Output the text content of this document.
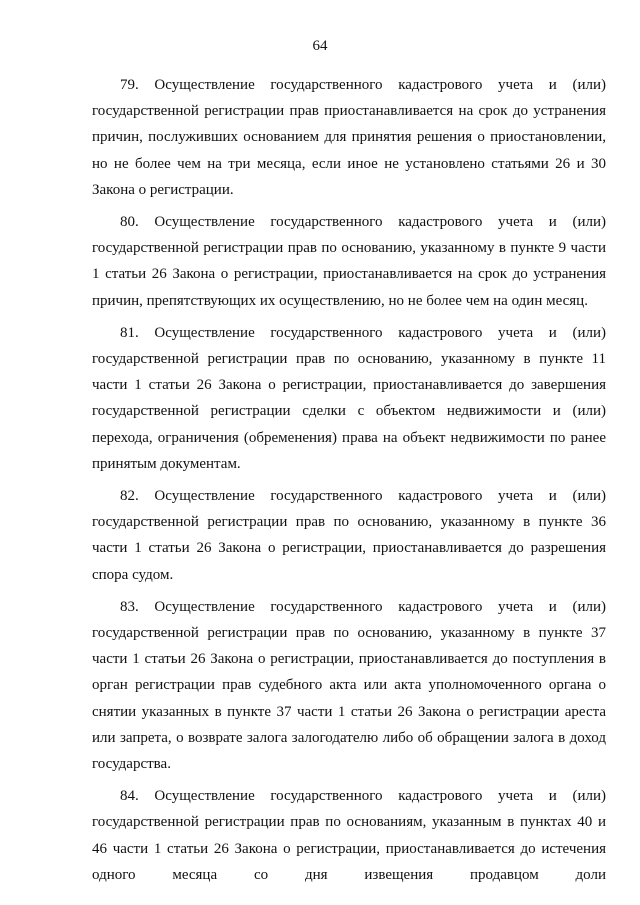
64

79. Осуществление государственного кадастрового учета и (или) государственной регистрации прав приостанавливается на срок до устранения причин, послуживших основанием для принятия решения о приостановлении, но не более чем на три месяца, если иное не установлено статьями 26 и 30 Закона о регистрации.

80. Осуществление государственного кадастрового учета и (или) государственной регистрации прав по основанию, указанному в пункте 9 части 1 статьи 26 Закона о регистрации, приостанавливается на срок до устранения причин, препятствующих их осуществлению, но не более чем на один месяц.

81. Осуществление государственного кадастрового учета и (или) государственной регистрации прав по основанию, указанному в пункте 11 части 1 статьи 26 Закона о регистрации, приостанавливается до завершения государственной регистрации сделки с объектом недвижимости и (или) перехода, ограничения (обременения) права на объект недвижимости по ранее принятым документам.

82. Осуществление государственного кадастрового учета и (или) государственной регистрации прав по основанию, указанному в пункте 36 части 1 статьи 26 Закона о регистрации, приостанавливается до разрешения спора судом.

83. Осуществление государственного кадастрового учета и (или) государственной регистрации прав по основанию, указанному в пункте 37 части 1 статьи 26 Закона о регистрации, приостанавливается до поступления в орган регистрации прав судебного акта или акта уполномоченного органа о снятии указанных в пункте 37 части 1 статьи 26 Закона о регистрации ареста или запрета, о возврате залога залогодателю либо об обращении залога в доход государства.

84. Осуществление государственного кадастрового учета и (или) государственной регистрации прав по основаниям, указанным в пунктах 40 и 46 части 1 статьи 26 Закона о регистрации, приостанавливается до истечения одного месяца со дня извещения продавцом доли
